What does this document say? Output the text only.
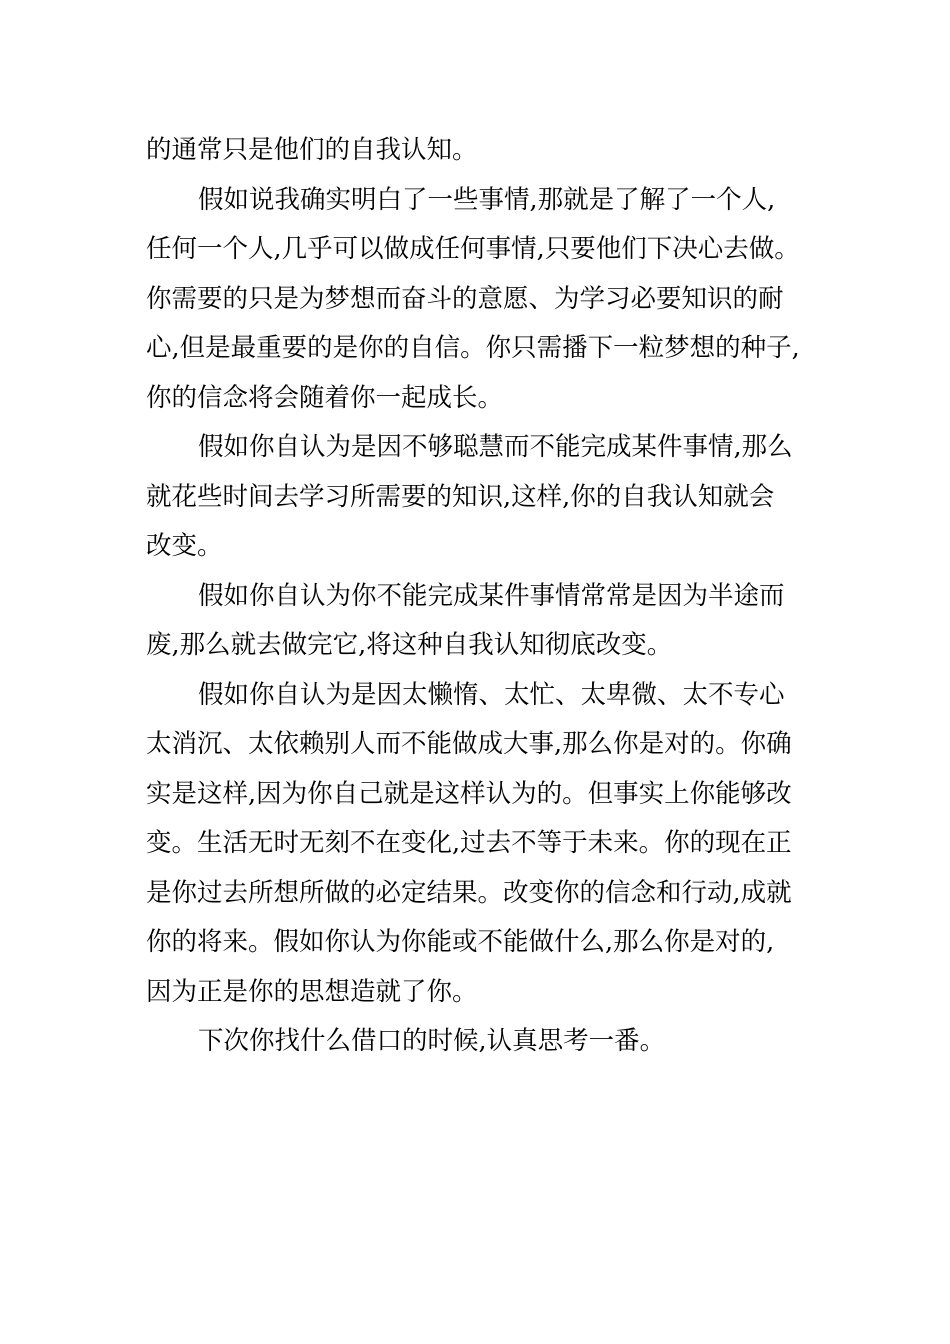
的通常只是他们的自我认知。

假如说我确实明白了一些事情,那就是了解了一个人,
任何一个人,几乎可以做成任何事情,只要他们下决心去做。
你需要的只是为梦想而奋斗的意愿、为学习必要知识的耐
心,但是最重要的是你的自信。你只需播下一粒梦想的种子,
你的信念将会随着你一起成长。

假如你自认为是因不够聪慧而不能完成某件事情,那么
就花些时间去学习所需要的知识,这样,你的自我认知就会
改变。

假如你自认为你不能完成某件事情常常是因为半途而
废,那么就去做完它,将这种自我认知彻底改变。

假如你自认为是因太懒惰、太忙、太卑微、太不专心
太消沉、太依赖别人而不能做成大事,那么你是对的。你确
实是这样,因为你自己就是这样认为的。但事实上你能够改
变。生活无时无刻不在变化,过去不等于未来。你的现在正
是你过去所想所做的必定结果。改变你的信念和行动,成就
你的将来。假如你认为你能或不能做什么,那么你是对的,
因为正是你的思想造就了你。

下次你找什么借口的时候,认真思考一番。
